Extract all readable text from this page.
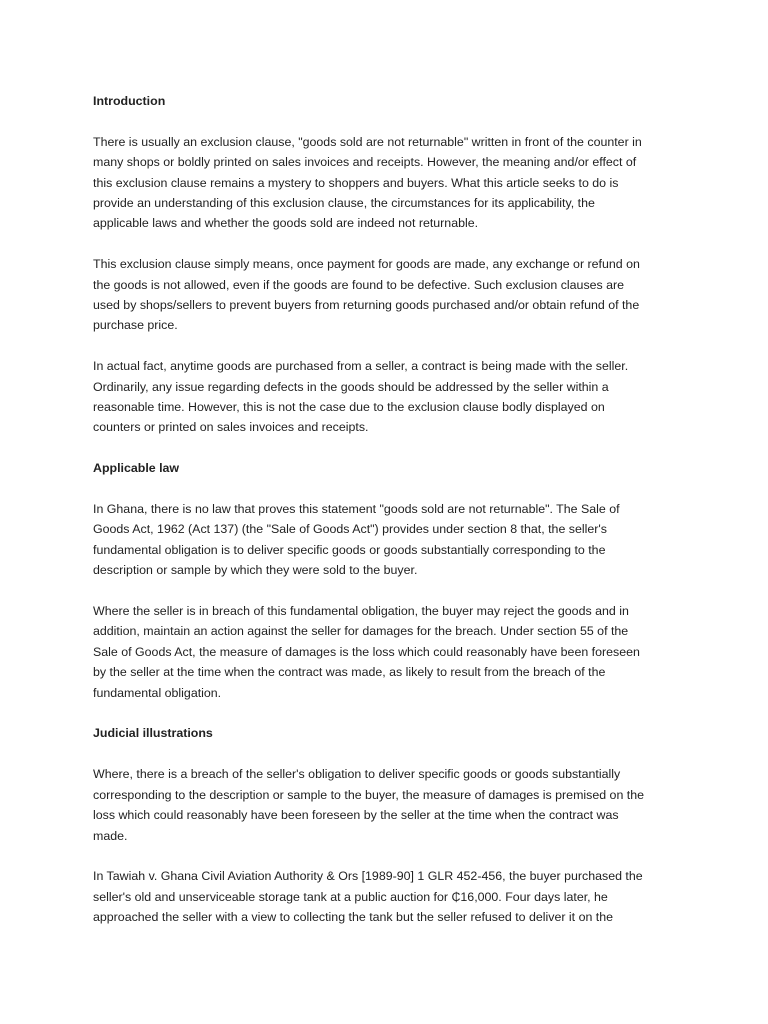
Introduction
There is usually an exclusion clause, "goods sold are not returnable" written in front of the counter in
many shops or boldly printed on sales invoices and receipts. However, the meaning and/or effect of
this exclusion clause remains a mystery to shoppers and buyers. What this article seeks to do is
provide an understanding of this exclusion clause, the circumstances for its applicability, the
applicable laws and whether the goods sold are indeed not returnable.
This exclusion clause simply means, once payment for goods are made, any exchange or refund on
the goods is not allowed, even if the goods are found to be defective. Such exclusion clauses are
used by shops/sellers to prevent buyers from returning goods purchased and/or obtain refund of the
purchase price.
In actual fact, anytime goods are purchased from a seller, a contract is being made with the seller.
Ordinarily, any issue regarding defects in the goods should be addressed by the seller within a
reasonable time. However, this is not the case due to the exclusion clause bodly displayed on
counters or printed on sales invoices and receipts.
Applicable law
In Ghana, there is no law that proves this statement "goods sold are not returnable". The Sale of
Goods Act, 1962 (Act 137) (the "Sale of Goods Act") provides under section 8 that, the seller's
fundamental obligation is to deliver specific goods or goods substantially corresponding to the
description or sample by which they were sold to the buyer.
Where the seller is in breach of this fundamental obligation, the buyer may reject the goods and in
addition, maintain an action against the seller for damages for the breach. Under section 55 of the
Sale of Goods Act, the measure of damages is the loss which could reasonably have been foreseen
by the seller at the time when the contract was made, as likely to result from the breach of the
fundamental obligation.
Judicial illustrations
Where, there is a breach of the seller's obligation to deliver specific goods or goods substantially
corresponding to the description or sample to the buyer, the measure of damages is premised on the
loss which could reasonably have been foreseen by the seller at the time when the contract was
made.
In Tawiah v. Ghana Civil Aviation Authority & Ors [1989-90] 1 GLR 452-456, the buyer purchased the
seller's old and unserviceable storage tank at a public auction for ₵16,000. Four days later, he
approached the seller with a view to collecting the tank but the seller refused to deliver it on the
